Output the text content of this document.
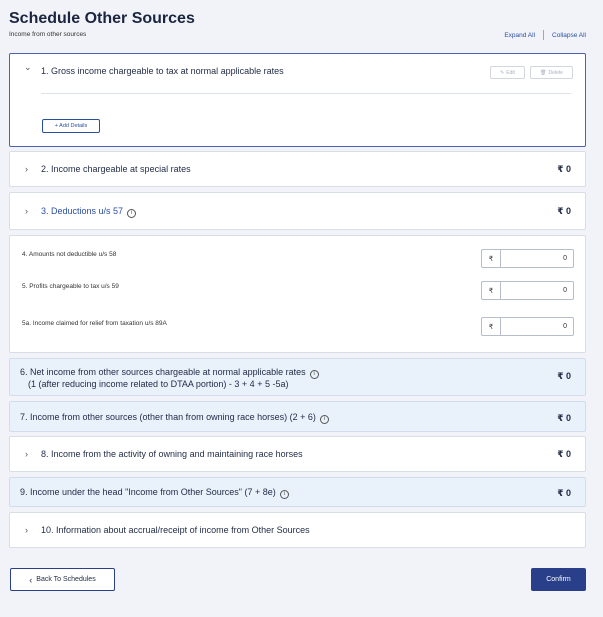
Schedule Other Sources
Income from other sources	Expand All	Collapse All
⌄ 1. Gross income chargeable to tax at normal applicable rates	✎ Edit	🗑 Delete
+ Add Details
› 2. Income chargeable at special rates	₹ 0
› 3. Deductions u/s 57 i	₹ 0
4. Amounts not deductible u/s 58
₹	0
5. Profits chargeable to tax u/s 59
₹	0
5a. Income claimed for relief from taxation u/s 89A	₹	0
6. Net income from other sources chargeable at normal applicable rates i
(1 (after reducing income related to DTAA portion) - 3 + 4 + 5 -5a)
₹ 0
7. Income from other sources (other than from owning race horses) (2 + 6) i	₹ 0
› 8. Income from the activity of owning and maintaining race horses	₹ 0
9. Income under the head "Income from Other Sources" (7 + 8e) i	₹ 0
› 10. Information about accrual/receipt of income from Other Sources
‹ Back To Schedules	Confirm
